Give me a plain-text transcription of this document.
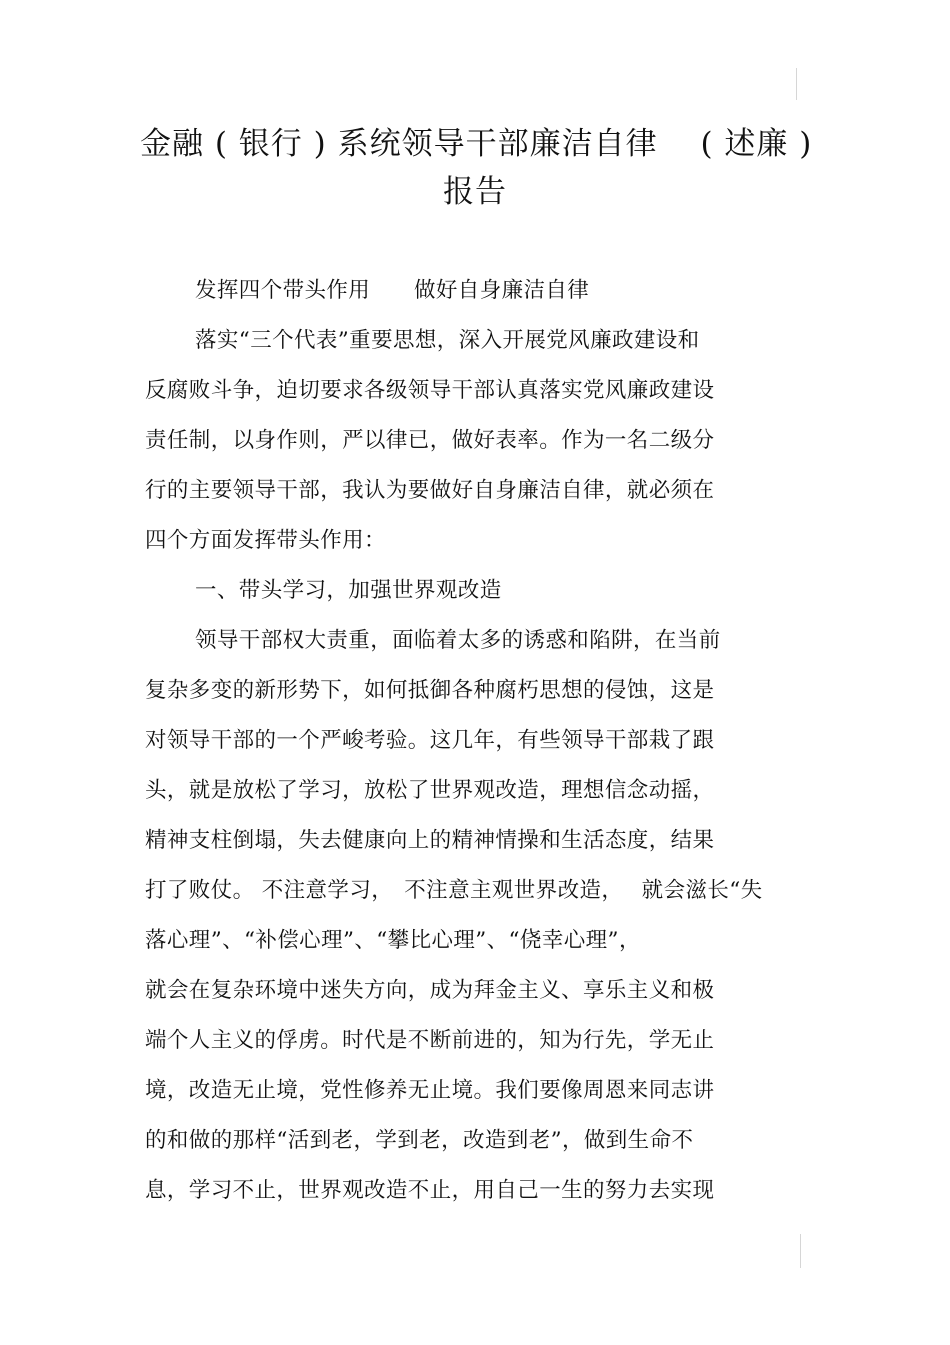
金融 ( 银行 ) 系统领导干部廉洁自律　 ( 述廉 )
报告
发挥四个带头作用　　做好自身廉洁自律
落实“三个代表”重要思想，深入开展党风廉政建设和
反腐败斗争，迫切要求各级领导干部认真落实党风廉政建设
责任制，以身作则，严以律已，做好表率。作为一名二级分
行的主要领导干部，我认为要做好自身廉洁自律，就必须在
四个方面发挥带头作用：
一、带头学习，加强世界观改造
领导干部权大责重，面临着太多的诱惑和陷阱，在当前
复杂多变的新形势下，如何抵御各种腐朽思想的侵蚀，这是
对领导干部的一个严峻考验。这几年，有些领导干部栽了跟
头，就是放松了学习，放松了世界观改造，理想信念动摇，
精神支柱倒塌，失去健康向上的精神情操和生活态度，结果
打了败仗。 不注意学习，　不注意主观世界改造，　 就会滋长“失
落心理”、“补偿心理”、“攀比心理”、“侥幸心理”，
就会在复杂环境中迷失方向，成为拜金主义、享乐主义和极
端个人主义的俘虏。时代是不断前进的，知为行先，学无止
境，改造无止境，党性修养无止境。我们要像周恩来同志讲
的和做的那样“活到老，学到老，改造到老”，做到生命不
息，学习不止，世界观改造不止，用自己一生的努力去实现
